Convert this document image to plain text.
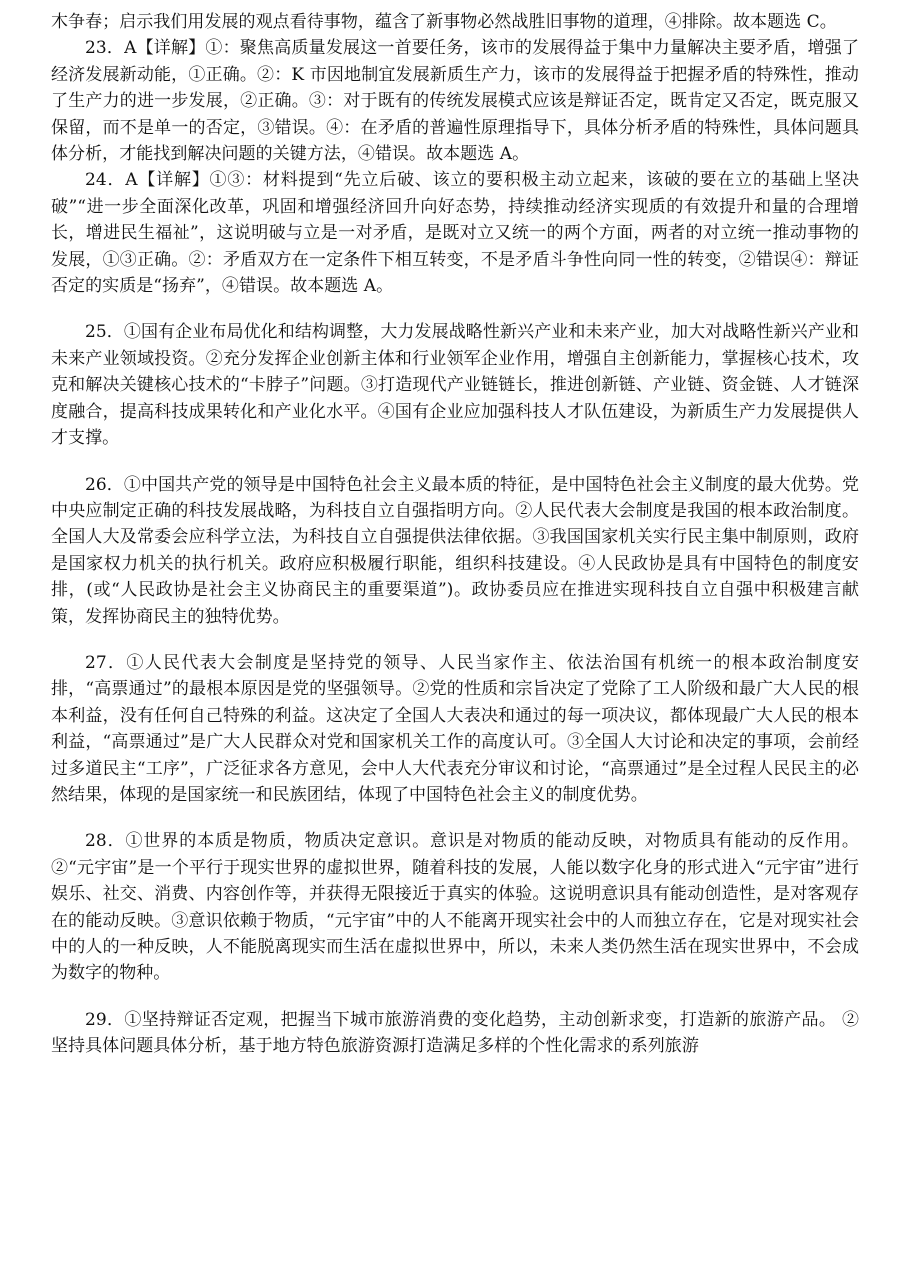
木争春；启示我们用发展的观点看待事物，蕴含了新事物必然战胜旧事物的道理，④排除。故本题选 C。

23．A【详解】①：聚焦高质量发展这一首要任务，该市的发展得益于集中力量解决主要矛盾，增强了经济发展新动能，①正确。②：K 市因地制宜发展新质生产力，该市的发展得益于把握矛盾的特殊性，推动了生产力的进一步发展，②正确。③：对于既有的传统发展模式应该是辩证否定，既肯定又否定，既克服又保留，而不是单一的否定，③错误。④：在矛盾的普遍性原理指导下，具体分析矛盾的特殊性，具体问题具体分析，才能找到解决问题的关键方法，④错误。故本题选 A。

24．A【详解】①③：材料提到“先立后破、该立的要积极主动立起来，该破的要在立的基础上坚决破”“进一步全面深化改革，巩固和增强经济回升向好态势，持续推动经济实现质的有效提升和量的合理增长，增进民生福祉”，这说明破与立是一对矛盾，是既对立又统一的两个方面，两者的对立统一推动事物的发展，①③正确。②：矛盾双方在一定条件下相互转变，不是矛盾斗争性向同一性的转变，②错误④：辩证否定的实质是“扬弃”，④错误。故本题选 A。

25．①国有企业布局优化和结构调整，大力发展战略性新兴产业和未来产业，加大对战略性新兴产业和未来产业领域投资。②充分发挥企业创新主体和行业领军企业作用，增强自主创新能力，掌握核心技术，攻克和解决关键核心技术的“卡脖子”问题。③打造现代产业链链长，推进创新链、产业链、资金链、人才链深度融合，提高科技成果转化和产业化水平。④国有企业应加强科技人才队伍建设，为新质生产力发展提供人才支撑。

26．①中国共产党的领导是中国特色社会主义最本质的特征，是中国特色社会主义制度的最大优势。党中央应制定正确的科技发展战略，为科技自立自强指明方向。②人民代表大会制度是我国的根本政治制度。全国人大及常委会应科学立法，为科技自立自强提供法律依据。③我国国家机关实行民主集中制原则，政府是国家权力机关的执行机关。政府应积极履行职能，组织科技建设。④人民政协是具有中国特色的制度安排，(或“人民政协是社会主义协商民主的重要渠道”)。政协委员应在推进实现科技自立自强中积极建言献策，发挥协商民主的独特优势。

27．①人民代表大会制度是坚持党的领导、人民当家作主、依法治国有机统一的根本政治制度安排，“高票通过”的最根本原因是党的坚强领导。②党的性质和宗旨决定了党除了工人阶级和最广大人民的根本利益，没有任何自己特殊的利益。这决定了全国人大表决和通过的每一项决议，都体现最广大人民的根本利益，“高票通过”是广大人民群众对党和国家机关工作的高度认可。③全国人大讨论和决定的事项，会前经过多道民主“工序”，广泛征求各方意见，会中人大代表充分审议和讨论，“高票通过”是全过程人民民主的必然结果，体现的是国家统一和民族团结，体现了中国特色社会主义的制度优势。

28．①世界的本质是物质，物质决定意识。意识是对物质的能动反映，对物质具有能动的反作用。②“元宇宙”是一个平行于现实世界的虚拟世界，随着科技的发展，人能以数字化身的形式进入“元宇宙”进行娱乐、社交、消费、内容创作等，并获得无限接近于真实的体验。这说明意识具有能动创造性，是对客观存在的能动反映。③意识依赖于物质，“元宇宙”中的人不能离开现实社会中的人而独立存在，它是对现实社会中的人的一种反映，人不能脱离现实而生活在虚拟世界中，所以，未来人类仍然生活在现实世界中，不会成为数字的物种。

29．①坚持辩证否定观，把握当下城市旅游消费的变化趋势，主动创新求变，打造新的旅游产品。 ②坚持具体问题具体分析，基于地方特色旅游资源打造满足多样的个性化需求的系列旅游
